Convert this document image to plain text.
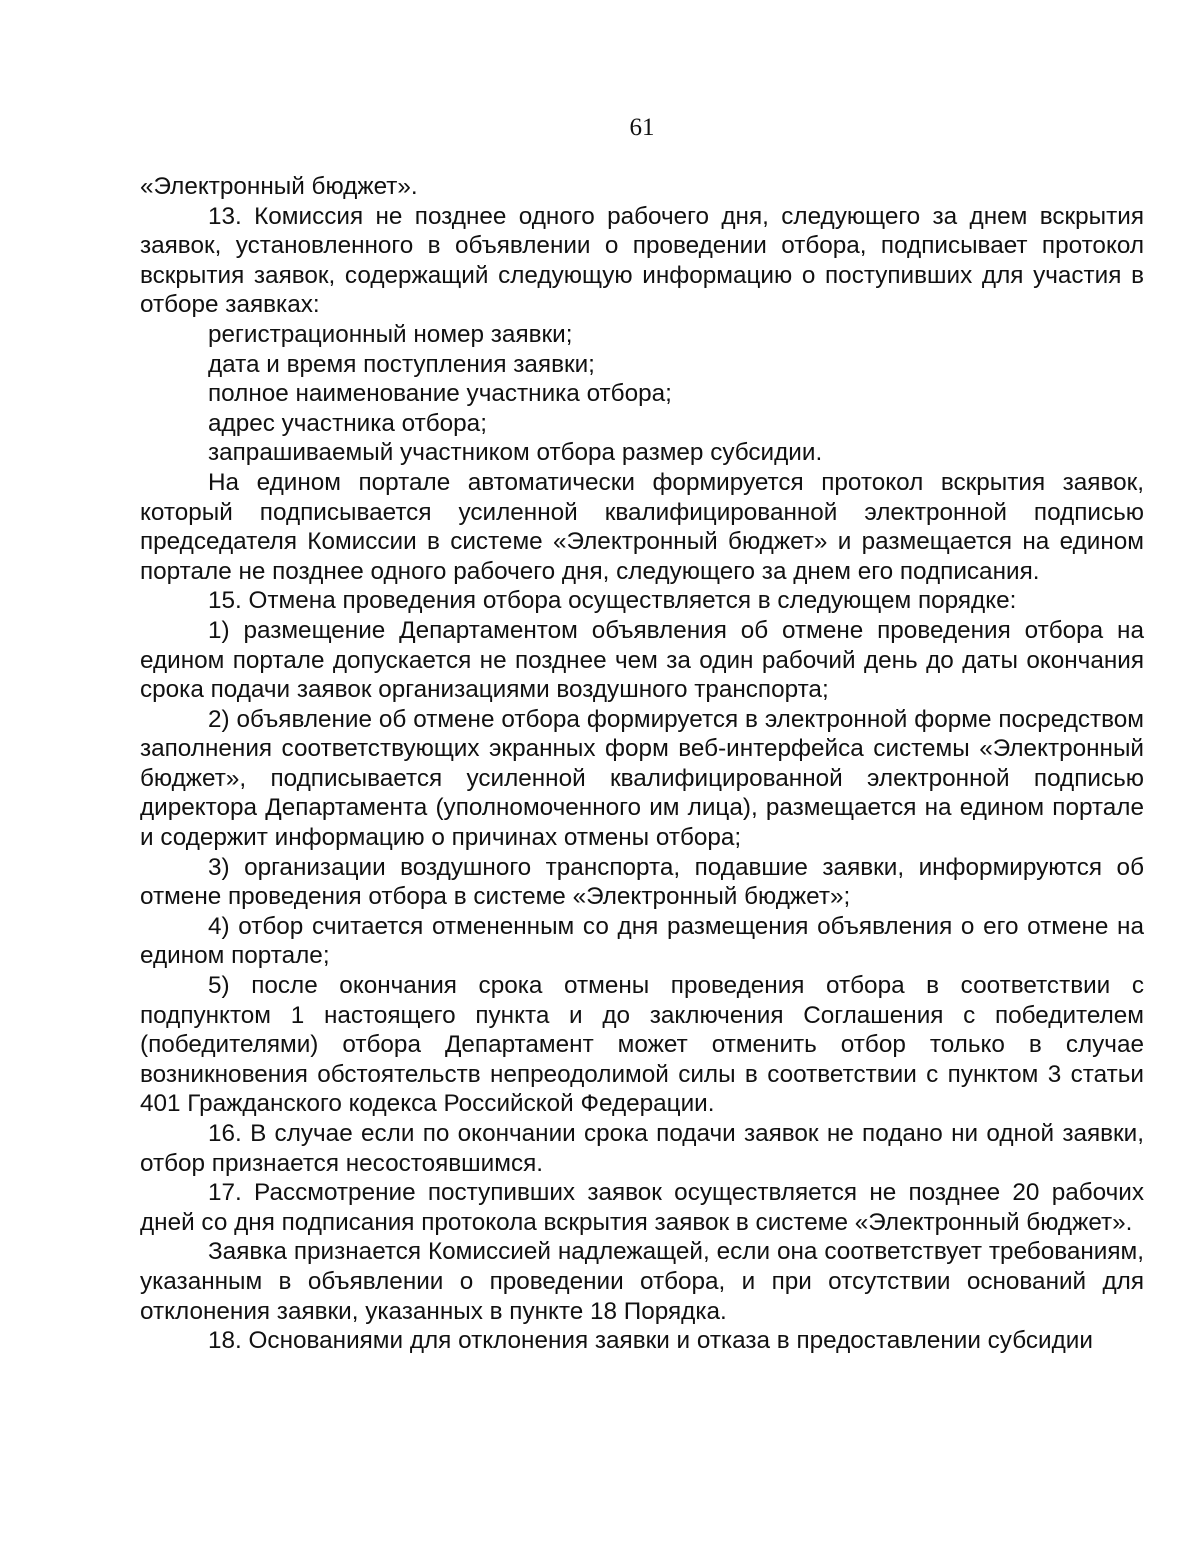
61

«Электронный бюджет».

13. Комиссия не позднее одного рабочего дня, следующего за днем вскрытия заявок, установленного в объявлении о проведении отбора, подписывает протокол вскрытия заявок, содержащий следующую информацию о поступивших для участия в отборе заявках:

регистрационный номер заявки;

дата и время поступления заявки;

полное наименование участника отбора;

адрес участника отбора;

запрашиваемый участником отбора размер субсидии.

На едином портале автоматически формируется протокол вскрытия заявок, который подписывается усиленной квалифицированной электронной подписью председателя Комиссии в системе «Электронный бюджет» и размещается на едином портале не позднее одного рабочего дня, следующего за днем его подписания.

15. Отмена проведения отбора осуществляется в следующем порядке:

1) размещение Департаментом объявления об отмене проведения отбора на едином портале допускается не позднее чем за один рабочий день до даты окончания срока подачи заявок организациями воздушного транспорта;

2) объявление об отмене отбора формируется в электронной форме посредством заполнения соответствующих экранных форм веб-интерфейса системы «Электронный бюджет», подписывается усиленной квалифицированной электронной подписью директора Департамента (уполномоченного им лица), размещается на едином портале и содержит информацию о причинах отмены отбора;

3) организации воздушного транспорта, подавшие заявки, информируются об отмене проведения отбора в системе «Электронный бюджет»;

4) отбор считается отмененным со дня размещения объявления о его отмене на едином портале;

5) после окончания срока отмены проведения отбора в соответствии с подпунктом 1 настоящего пункта и до заключения Соглашения с победителем (победителями) отбора Департамент может отменить отбор только в случае возникновения обстоятельств непреодолимой силы в соответствии с пунктом 3 статьи 401 Гражданского кодекса Российской Федерации.

16. В случае если по окончании срока подачи заявок не подано ни одной заявки, отбор признается несостоявшимся.

17. Рассмотрение поступивших заявок осуществляется не позднее 20 рабочих дней со дня подписания протокола вскрытия заявок в системе «Электронный бюджет».

Заявка признается Комиссией надлежащей, если она соответствует требованиям, указанным в объявлении о проведении отбора, и при отсутствии оснований для отклонения заявки, указанных в пункте 18 Порядка.

18. Основаниями для отклонения заявки и отказа в предоставлении субсидии
